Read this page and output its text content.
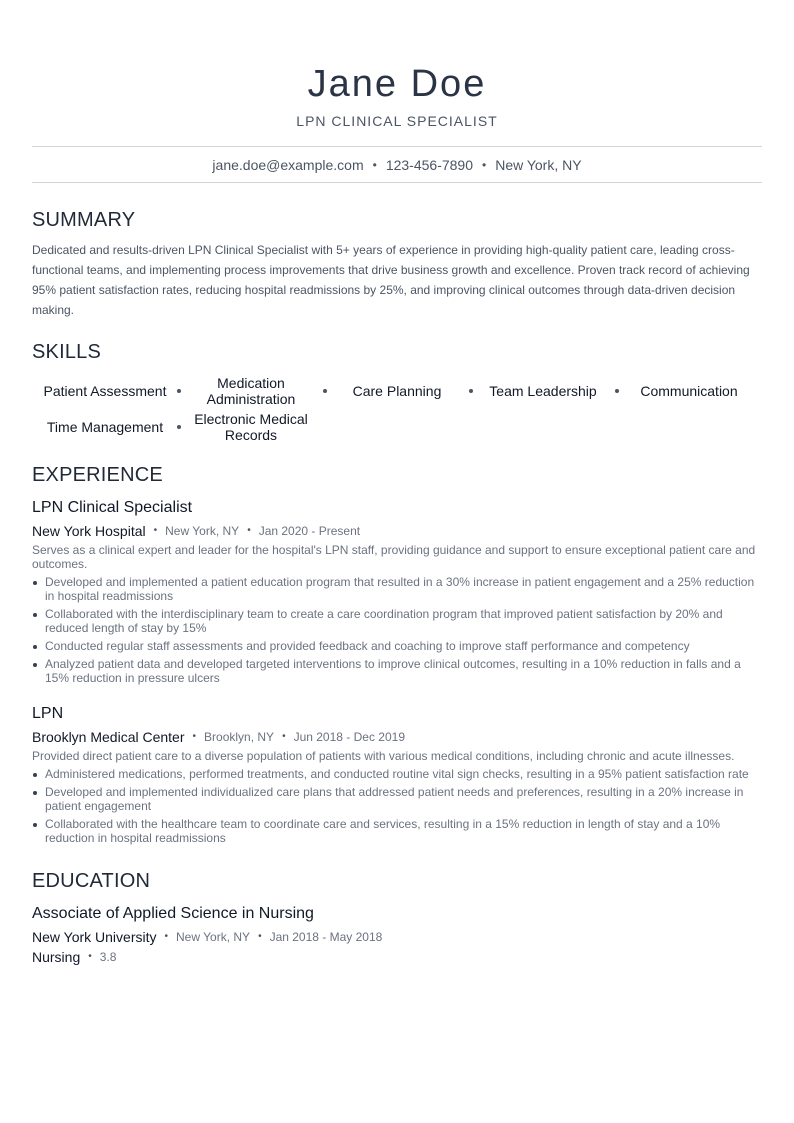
Jane Doe
LPN CLINICAL SPECIALIST
jane.doe@example.com • 123-456-7890 • New York, NY
SUMMARY
Dedicated and results-driven LPN Clinical Specialist with 5+ years of experience in providing high-quality patient care, leading cross-functional teams, and implementing process improvements that drive business growth and excellence. Proven track record of achieving 95% patient satisfaction rates, reducing hospital readmissions by 25%, and improving clinical outcomes through data-driven decision making.
SKILLS
Patient Assessment	Medication Administration	Care Planning	Team Leadership	Communication
Time Management	Electronic Medical Records
EXPERIENCE
LPN Clinical Specialist
New York Hospital • New York, NY • Jan 2020 - Present
Serves as a clinical expert and leader for the hospital's LPN staff, providing guidance and support to ensure exceptional patient care and outcomes.
Developed and implemented a patient education program that resulted in a 30% increase in patient engagement and a 25% reduction in hospital readmissions
Collaborated with the interdisciplinary team to create a care coordination program that improved patient satisfaction by 20% and reduced length of stay by 15%
Conducted regular staff assessments and provided feedback and coaching to improve staff performance and competency
Analyzed patient data and developed targeted interventions to improve clinical outcomes, resulting in a 10% reduction in falls and a 15% reduction in pressure ulcers
LPN
Brooklyn Medical Center • Brooklyn, NY • Jun 2018 - Dec 2019
Provided direct patient care to a diverse population of patients with various medical conditions, including chronic and acute illnesses.
Administered medications, performed treatments, and conducted routine vital sign checks, resulting in a 95% patient satisfaction rate
Developed and implemented individualized care plans that addressed patient needs and preferences, resulting in a 20% increase in patient engagement
Collaborated with the healthcare team to coordinate care and services, resulting in a 15% reduction in length of stay and a 10% reduction in hospital readmissions
EDUCATION
Associate of Applied Science in Nursing
New York University • New York, NY • Jan 2018 - May 2018
Nursing • 3.8
